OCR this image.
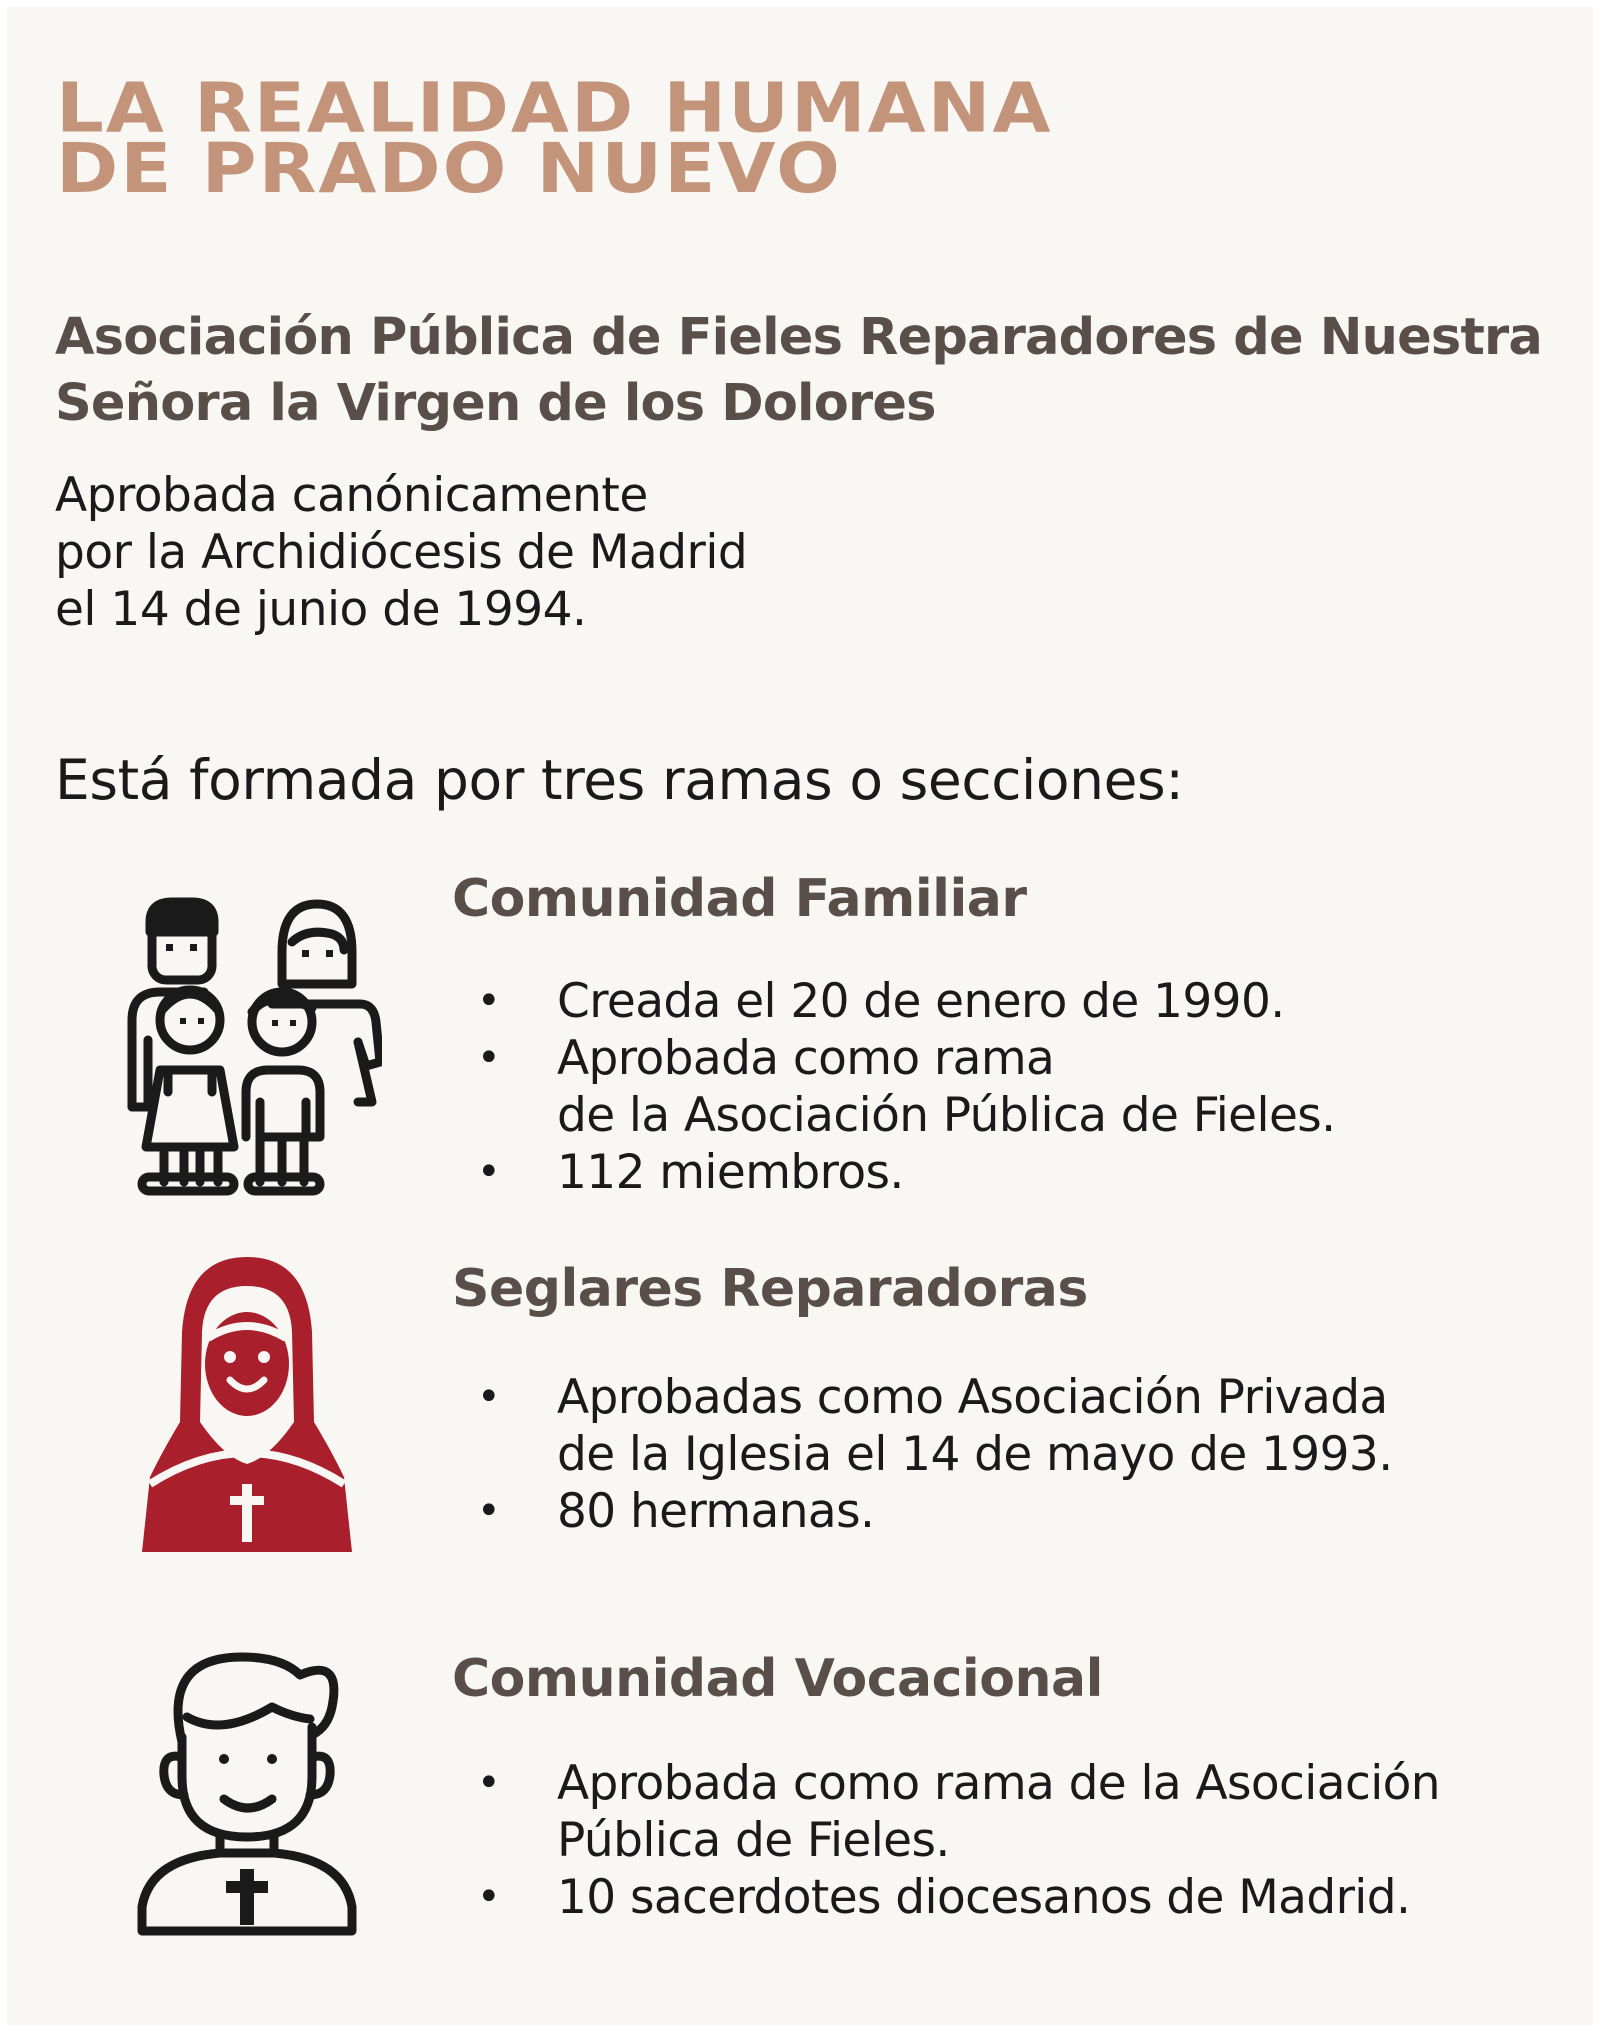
LA REALIDAD HUMANA
DE PRADO NUEVO

Asociación Pública de Fieles Reparadores de Nuestra Señora la Virgen de los Dolores

Aprobada canónicamente
por la Archidiócesis de Madrid
el 14 de junio de 1994.
Está formada por tres ramas o secciones:
Comunidad Familiar
• Creada el 20 de enero de 1990.
• Aprobada como rama
de la Asociación Pública de Fieles.
• 112 miembros.
Seglares Reparadoras
• Aprobadas como Asociación Privada
de la Iglesia el 14 de mayo de 1993.
• 80 hermanas.
Comunidad Vocacional
• Aprobada como rama de la Asociación
Pública de Fieles.
• 10 sacerdotes diocesanos de Madrid.
